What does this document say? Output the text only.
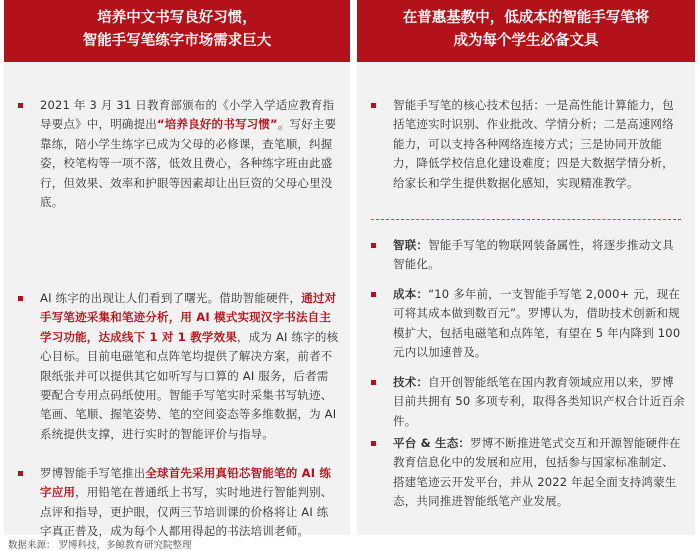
培养中文书写良好习惯，
智能手写笔练字市场需求巨大
2021 年 3 月 31 日教育部颁布的《小学入学适应教育指导要点》中，明确提出“培养良好的书写习惯”。写好主要靠练，陪小学生练字已成为父母的必修课，查笔顺，纠握姿，校笔构等一项不落，低效且费心，各种练字班由此盛行，但效果、效率和护眼等因素却让出巨资的父母心里没底。
AI 练字的出现让人们看到了曙光。借助智能硬件，通过对手写笔迹采集和笔迹分析，用 AI 模式实现汉字书法自主学习功能，达成线下 1 对 1 教学效果，成为 AI 练字的核心目标。目前电磁笔和点阵笔均提供了解决方案，前者不限纸张并可以提供其它如听写与口算的 AI 服务，后者需要配合专用点码纸使用。智能手写笔实时采集书写轨迹、笔画、笔顺、握笔姿势、笔的空间姿态等多维数据，为 AI 系统提供支撑，进行实时的智能评价与指导。
罗博智能手写笔推出全球首先采用真铅芯智能笔的 AI 练字应用，用铅笔在普通纸上书写，实时地进行智能判别、点评和指导，更护眼，仅两三节培训课的价格将让 AI 练字真正普及，成为每个人都用得起的书法培训老师。
在普惠基教中，低成本的智能手写笔将
成为每个学生必备文具
智能手写笔的核心技术包括：一是高性能计算能力，包括笔迹实时识别、作业批改、学情分析；二是高速网络能力，可以支持各种网络连接方式；三是协同开放能力，降低学校信息化建设难度；四是大数据学情分析，给家长和学生提供数据化感知，实现精准教学。
智联：智能手写笔的物联网装备属性，将逐步推动文具智能化。
成本：“10 多年前，一支智能手写笔 2,000+ 元，现在可将其成本做到数百元”。罗博认为，借助技术创新和规模扩大，包括电磁笔和点阵笔，有望在 5 年内降到 100 元内以加速普及。
技术：自开创智能纸笔在国内教育领域应用以来，罗博目前共拥有 50 多项专利，取得各类知识产权合计近百余件。
平台 & 生态：罗博不断推进笔式交互和开源智能硬件在教育信息化中的发展和应用，包括参与国家标准制定、搭建笔迹云开发平台，并从 2022 年起全面支持鸿蒙生态，共同推进智能纸笔产业发展。
数据来源： 罗博科技，多鲸教育研究院整理
